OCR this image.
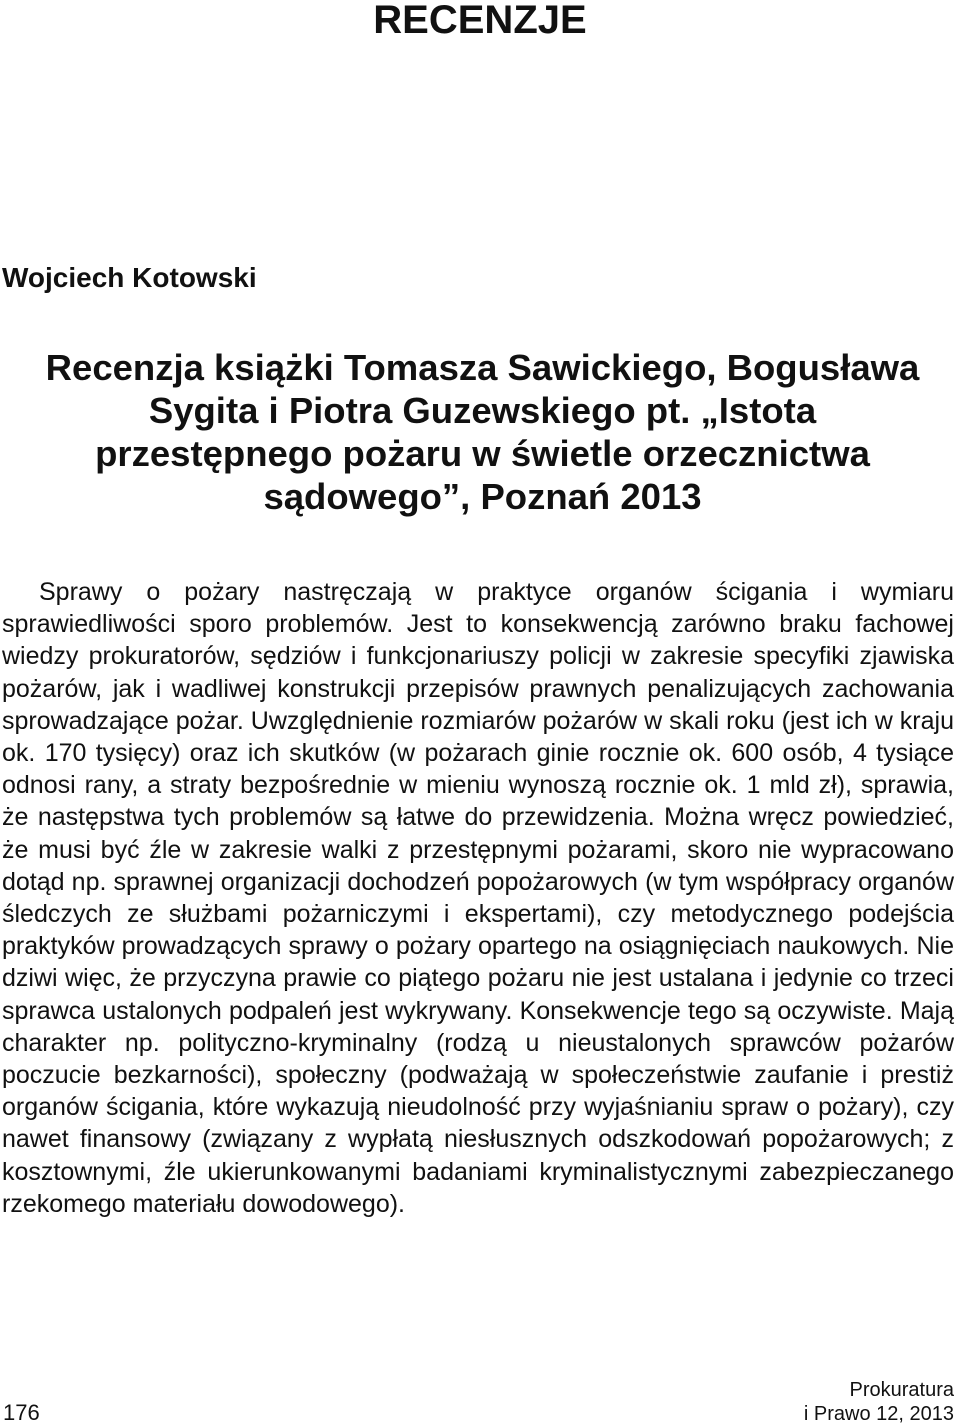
RECENZJE

Wojciech Kotowski

Recenzja książki Tomasza Sawickiego, Bogusława Sygita i Piotra Guzewskiego pt. „Istota przestępnego pożaru w świetle orzecznictwa sądowego”, Poznań 2013

Sprawy o pożary nastręczają w praktyce organów ścigania i wymiaru sprawiedliwości sporo problemów. Jest to konsekwencją zarówno braku fachowej wiedzy prokuratorów, sędziów i funkcjonariuszy policji w zakresie specyfiki zjawiska pożarów, jak i wadliwej konstrukcji przepisów prawnych penalizujących zachowania sprowadzające pożar. Uwzględnienie rozmiarów pożarów w skali roku (jest ich w kraju ok. 170 tysięcy) oraz ich skutków (w pożarach ginie rocznie ok. 600 osób, 4 tysiące odnosi rany, a straty bezpośrednie w mieniu wynoszą rocznie ok. 1 mld zł), sprawia, że następstwa tych problemów są łatwe do przewidzenia. Można wręcz powiedzieć, że musi być źle w zakresie walki z przestępnymi pożarami, skoro nie wypracowano dotąd np. sprawnej organizacji dochodzeń popożarowych (w tym współpracy organów śledczych ze służbami pożarniczymi i ekspertami), czy metodycznego podejścia praktyków prowadzących sprawy o pożary opartego na osiągnięciach naukowych. Nie dziwi więc, że przyczyna prawie co piątego pożaru nie jest ustalana i jedynie co trzeci sprawca ustalonych podpaleń jest wykrywany. Konsekwencje tego są oczywiste. Mają charakter np. polityczno-kryminalny (rodzą u nieustalonych sprawców pożarów poczucie bezkarności), społeczny (podważają w społeczeństwie zaufanie i prestiż organów ścigania, które wykazują nieudolność przy wyjaśnianiu spraw o pożary), czy nawet finansowy (związany z wypłatą niesłusznych odszkodowań popożarowych; z kosztownymi, źle ukierunkowanymi badaniami kryminalistycznymi zabezpieczanego rzekomego materiału dowodowego).

176
Prokuratura
i Prawo 12, 2013
